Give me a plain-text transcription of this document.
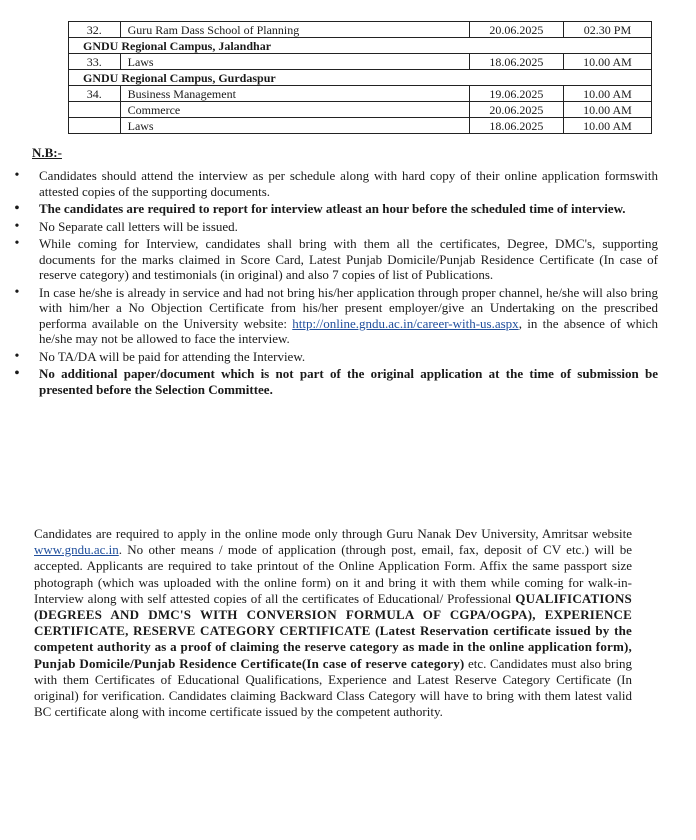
32.	Guru Ram Dass School of Planning	20.06.2025	02.30 PM
GNDU Regional Campus, Jalandhar			
33.	Laws	18.06.2025	10.00 AM
GNDU Regional Campus, Gurdaspur			
34.	Business Management	19.06.2025	10.00 AM
	Commerce	20.06.2025	10.00 AM
	Laws	18.06.2025	10.00 AM
N.B:-
• Candidates should attend the interview as per schedule along with hard copy of their online application formswith attested copies of the supporting documents.
• The candidates are required to report for interview atleast an hour before the scheduled time of interview.
• No Separate call letters will be issued.
• While coming for Interview, candidates shall bring with them all the certificates, Degree, DMC's, supporting documents for the marks claimed in Score Card, Latest Punjab Domicile/Punjab Residence Certificate (In case of reserve category) and testimonials (in original) and also 7 copies of list of Publications.
• In case he/she is already in service and had not bring his/her application through proper channel, he/she will also bring with him/her a No Objection Certificate from his/her present employer/give an Undertaking on the prescribed performa available on the University website: http://online.gndu.ac.in/career-with-us.aspx, in the absence of which he/she may not be allowed to face the interview.
• No TA/DA will be paid for attending the Interview.
• No additional paper/document which is not part of the original application at the time of submission be presented before the Selection Committee.

Candidates are required to apply in the online mode only through Guru Nanak Dev University, Amritsar website www.gndu.ac.in. No other means / mode of application (through post, email, fax, deposit of CV etc.) will be accepted. Applicants are required to take printout of the Online Application Form. Affix the same passport size photograph (which was uploaded with the online form) on it and bring it with them while coming for walk-in-Interview along with self attested copies of all the certificates of Educational/ Professional QUALIFICATIONS (DEGREES AND DMC'S WITH CONVERSION FORMULA OF CGPA/OGPA), EXPERIENCE CERTIFICATE, RESERVE CATEGORY CERTIFICATE (Latest Reservation certificate issued by the competent authority as a proof of claiming the reserve category as made in the online application form), Punjab Domicile/Punjab Residence Certificate(In case of reserve category) etc. Candidates must also bring with them Certificates of Educational Qualifications, Experience and Latest Reserve Category Certificate (In original) for verification. Candidates claiming Backward Class Category will have to bring with them latest valid BC certificate along with income certificate issued by the competent authority.
